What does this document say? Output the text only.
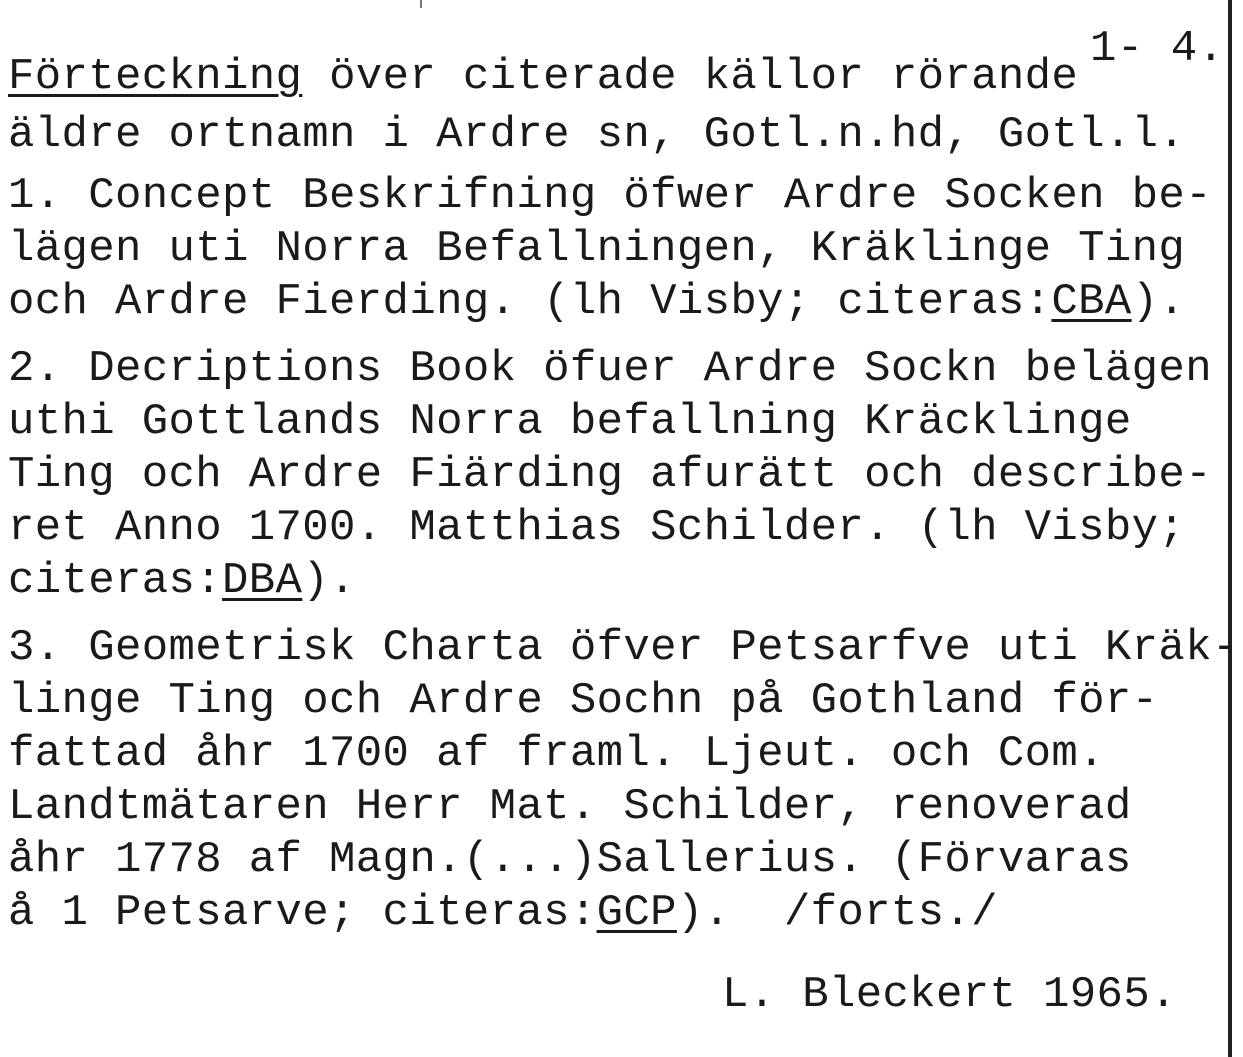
1- 4.

Förteckning över citerade källor rörande
äldre ortnamn i Ardre sn, Gotl.n.hd, Gotl.l.

1. Concept Beskrifning öfwer Ardre Socken be-
lägen uti Norra Befallningen, Kräklinge Ting
och Ardre Fierding. (lh Visby; citeras:CBA).

2. Decriptions Book öfuer Ardre Sockn belägen
uthi Gottlands Norra befallning Kräcklinge
Ting och Ardre Fiärding afurätt och describe-
ret Anno 1700. Matthias Schilder. (lh Visby;
citeras:DBA).

3. Geometrisk Charta öfver Petsarfve uti Kräk-
linge Ting och Ardre Sochn på Gothland för-
fattad åhr 1700 af framl. Ljeut. och Com.
Landtmätaren Herr Mat. Schilder, renoverad
åhr 1778 af Magn.(...)Sallerius. (Förvaras
å 1 Petsarve; citeras:GCP).  /forts./

L. Bleckert 1965.
